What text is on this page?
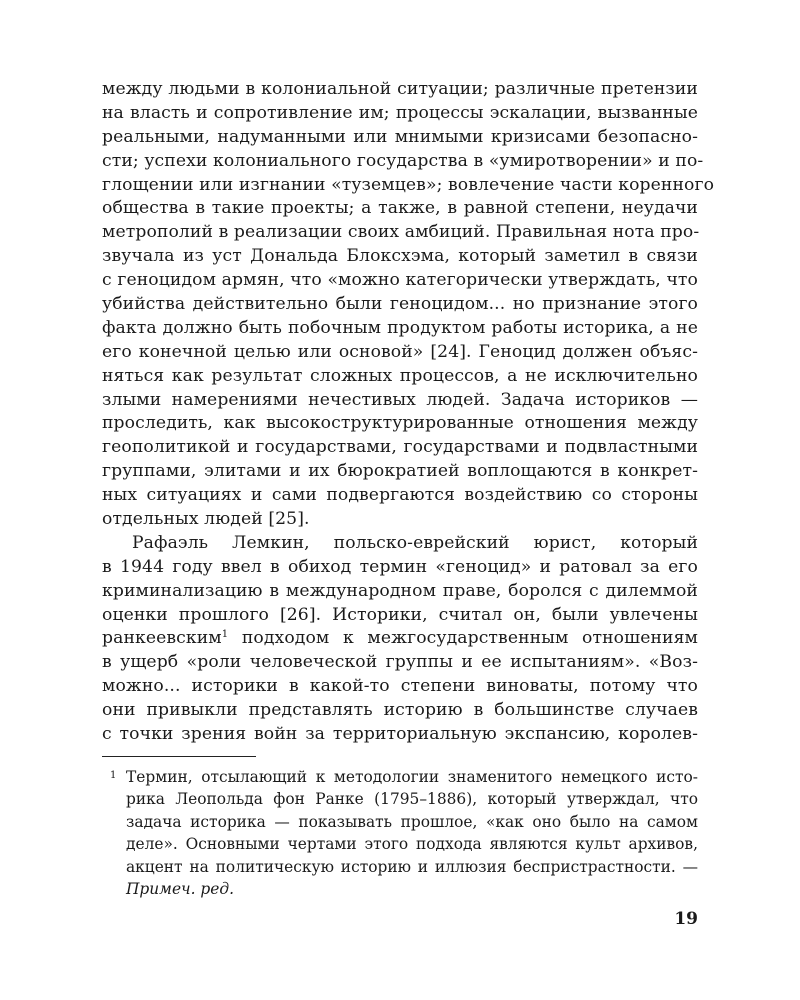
между людьми в колониальной ситуации; различные претензии
на власть и сопротивление им; процессы эскалации, вызванные
реальными, надуманными или мнимыми кризисами безопасно-
сти; успехи колониального государства в «умиротворении» и по-
глощении или изгнании «туземцев»; вовлечение части коренного
общества в такие проекты; а также, в равной степени, неудачи
метрополий в реализации своих амбиций. Правильная нота про-
звучала из уст Дональда Блоксхэма, который заметил в связи
с геноцидом армян, что «можно категорически утверждать, что
убийства действительно были геноцидом... но признание этого
факта должно быть побочным продуктом работы историка, а не
его конечной целью или основой» [24]. Геноцид должен объяс-
няться как результат сложных процессов, а не исключительно
злыми намерениями нечестивых людей. Задача историков —
проследить, как высокоструктурированные отношения между
геополитикой и государствами, государствами и подвластными
группами, элитами и их бюрократией воплощаются в конкрет-
ных ситуациях и сами подвергаются воздействию со стороны
отдельных людей [25].
Рафаэль Лемкин, польско-еврейский юрист, который
в 1944 году ввел в обиход термин «геноцид» и ратовал за его
криминализацию в международном праве, боролся с дилеммой
оценки прошлого [26]. Историки, считал он, были увлечены
ранкеевским$^1$ подходом к межгосударственным отношениям
в ущерб «роли человеческой группы и ее испытаниям». «Воз-
можно... историки в какой-то степени виноваты, потому что
они привыкли представлять историю в большинстве случаев
с точки зрения войн за территориальную экспансию, королев-
1 Термин, отсылающий к методологии знаменитого немецкого исто-
рика Леопольда фон Ранке (1795–1886), который утверждал, что
задача историка — показывать прошлое, «как оно было на самом
деле». Основными чертами этого подхода являются культ архивов,
акцент на политическую историю и иллюзия беспристрастности. —
Примеч. ред.
19
